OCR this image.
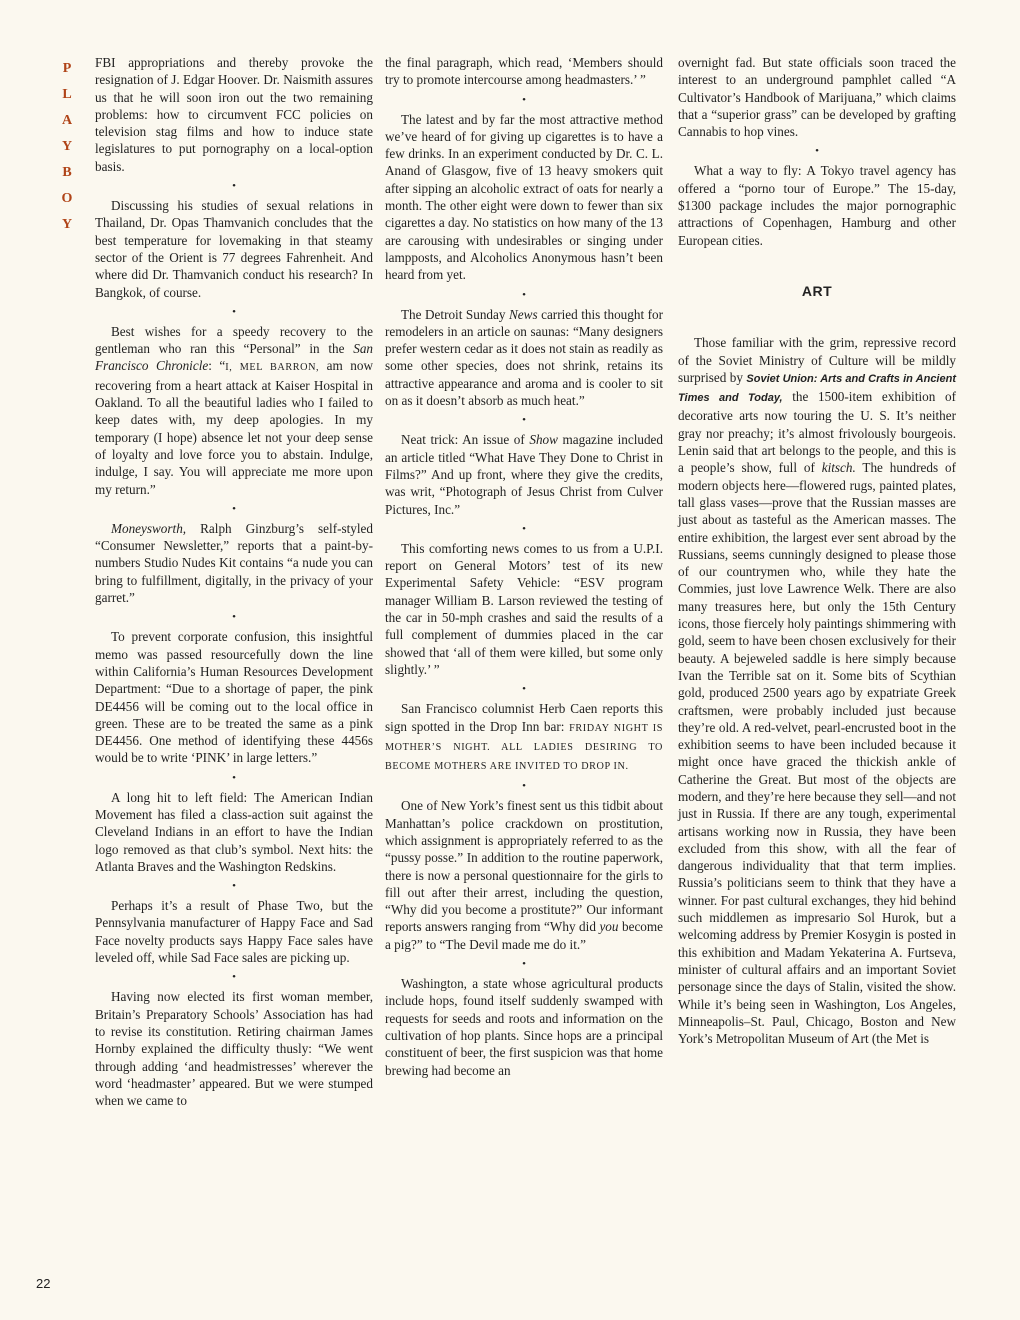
P
L
A
Y
B
O
Y
22

FBI appropriations and thereby provoke the resignation of J. Edgar Hoover. Dr. Naismith assures us that he will soon iron out the two remaining problems: how to circumvent FCC policies on television stag films and how to induce state legislatures to put pornography on a local-option basis.

•

Discussing his studies of sexual relations in Thailand, Dr. Opas Thamvanich concludes that the best temperature for lovemaking in that steamy sector of the Orient is 77 degrees Fahrenheit. And where did Dr. Thamvanich conduct his research? In Bangkok, of course.

•

Best wishes for a speedy recovery to the gentleman who ran this “Personal” in the San Francisco Chronicle: “I, MEL BARRON, am now recovering from a heart attack at Kaiser Hospital in Oakland. To all the beautiful ladies who I failed to keep dates with, my deep apologies. In my temporary (I hope) absence let not your deep sense of loyalty and love force you to abstain. Indulge, indulge, I say. You will appreciate me more upon my return.”

•

Moneysworth, Ralph Ginzburg’s self-styled “Consumer Newsletter,” reports that a paint-by-numbers Studio Nudes Kit contains “a nude you can bring to fulfillment, digitally, in the privacy of your garret.”

•

To prevent corporate confusion, this insightful memo was passed resourcefully down the line within California’s Human Resources Development Department: “Due to a shortage of paper, the pink DE4456 will be coming out to the local office in green. These are to be treated the same as a pink DE4456. One method of identifying these 4456s would be to write ‘PINK’ in large letters.”

•

A long hit to left field: The American Indian Movement has filed a class-action suit against the Cleveland Indians in an effort to have the Indian logo removed as that club’s symbol. Next hits: the Atlanta Braves and the Washington Redskins.

•

Perhaps it’s a result of Phase Two, but the Pennsylvania manufacturer of Happy Face and Sad Face novelty products says Happy Face sales have leveled off, while Sad Face sales are picking up.

•

Having now elected its first woman member, Britain’s Preparatory Schools’ Association has had to revise its constitution. Retiring chairman James Hornby explained the difficulty thusly: “We went through adding ‘and headmistresses’ wherever the word ‘headmaster’ appeared. But we were stumped when we came to

the final paragraph, which read, ‘Members should try to promote intercourse among headmasters.’ ”

•

The latest and by far the most attractive method we’ve heard of for giving up cigarettes is to have a few drinks. In an experiment conducted by Dr. C. L. Anand of Glasgow, five of 13 heavy smokers quit after sipping an alcoholic extract of oats for nearly a month. The other eight were down to fewer than six cigarettes a day. No statistics on how many of the 13 are carousing with undesirables or singing under lampposts, and Alcoholics Anonymous hasn’t been heard from yet.

•

The Detroit Sunday News carried this thought for remodelers in an article on saunas: “Many designers prefer western cedar as it does not stain as readily as some other species, does not shrink, retains its attractive appearance and aroma and is cooler to sit on as it doesn’t absorb as much heat.”

•

Neat trick: An issue of Show magazine included an article titled “What Have They Done to Christ in Films?” And up front, where they give the credits, was writ, “Photograph of Jesus Christ from Culver Pictures, Inc.”

•

This comforting news comes to us from a U.P.I. report on General Motors’ test of its new Experimental Safety Vehicle: “ESV program manager William B. Larson reviewed the testing of the car in 50-mph crashes and said the results of a full complement of dummies placed in the car showed that ‘all of them were killed, but some only slightly.’ ”

•

San Francisco columnist Herb Caen reports this sign spotted in the Drop Inn bar: FRIDAY NIGHT IS MOTHER’S NIGHT. ALL LADIES DESIRING TO BECOME MOTHERS ARE INVITED TO DROP IN.

•

One of New York’s finest sent us this tidbit about Manhattan’s police crackdown on prostitution, which assignment is appropriately referred to as the “pussy posse.” In addition to the routine paperwork, there is now a personal questionnaire for the girls to fill out after their arrest, including the question, “Why did you become a prostitute?” Our informant reports answers ranging from “Why did you become a pig?” to “The Devil made me do it.”

•

Washington, a state whose agricultural products include hops, found itself suddenly swamped with requests for seeds and roots and information on the cultivation of hop plants. Since hops are a principal constituent of beer, the first suspicion was that home brewing had become an

overnight fad. But state officials soon traced the interest to an underground pamphlet called “A Cultivator’s Handbook of Marijuana,” which claims that a “superior grass” can be developed by grafting Cannabis to hop vines.

•

What a way to fly: A Tokyo travel agency has offered a “porno tour of Europe.” The 15-day, $1300 package includes the major pornographic attractions of Copenhagen, Hamburg and other European cities.

ART

Those familiar with the grim, repressive record of the Soviet Ministry of Culture will be mildly surprised by Soviet Union: Arts and Crafts in Ancient Times and Today, the 1500-item exhibition of decorative arts now touring the U. S. It’s neither gray nor preachy; it’s almost frivolously bourgeois. Lenin said that art belongs to the people, and this is a people’s show, full of kitsch. The hundreds of modern objects here—flowered rugs, painted plates, tall glass vases—prove that the Russian masses are just about as tasteful as the American masses. The entire exhibition, the largest ever sent abroad by the Russians, seems cunningly designed to please those of our countrymen who, while they hate the Commies, just love Lawrence Welk. There are also many treasures here, but only the 15th Century icons, those fiercely holy paintings shimmering with gold, seem to have been chosen exclusively for their beauty. A bejeweled saddle is here simply because Ivan the Terrible sat on it. Some bits of Scythian gold, produced 2500 years ago by expatriate Greek craftsmen, were probably included just because they’re old. A red-velvet, pearl-encrusted boot in the exhibition seems to have been included because it might once have graced the thickish ankle of Catherine the Great. But most of the objects are modern, and they’re here because they sell—and not just in Russia. If there are any tough, experimental artisans working now in Russia, they have been excluded from this show, with all the fear of dangerous individuality that that term implies. Russia’s politicians seem to think that they have a winner. For past cultural exchanges, they hid behind such middlemen as impresario Sol Hurok, but a welcoming address by Premier Kosygin is posted in this exhibition and Madam Yekaterina A. Furtseva, minister of cultural affairs and an important Soviet personage since the days of Stalin, visited the show. While it’s being seen in Washington, Los Angeles, Minneapolis–St. Paul, Chicago, Boston and New York’s Metropolitan Museum of Art (the Met is
